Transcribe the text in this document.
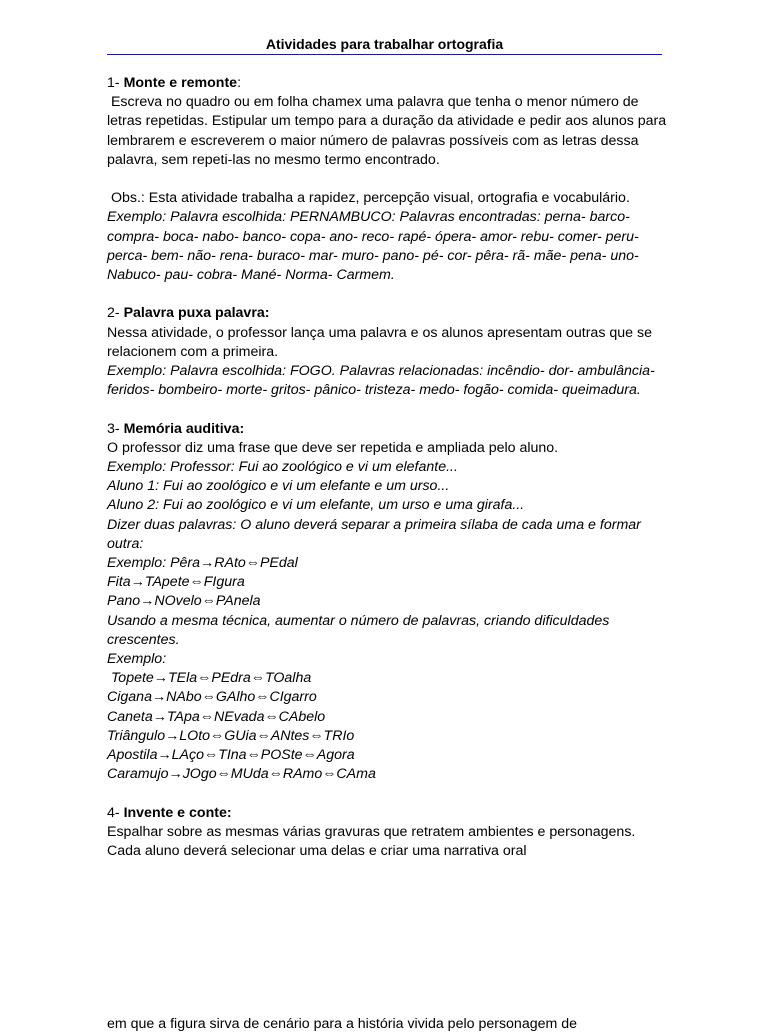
Atividades para trabalhar ortografia

1- Monte e remonte:

Escreva no quadro ou em folha chamex uma palavra que tenha o menor número de letras repetidas. Estipular um tempo para a duração da atividade e pedir aos alunos para lembrarem e escreverem o maior número de palavras possíveis com as letras dessa palavra, sem repeti-las no mesmo termo encontrado.

Obs.: Esta atividade trabalha a rapidez, percepção visual, ortografia e vocabulário.

Exemplo: Palavra escolhida: PERNAMBUCO: Palavras encontradas: perna- barco- compra- boca- nabo- banco- copa- ano- reco- rapé- ópera- amor- rebu- comer- peru- perca- bem- não- rena- buraco- mar- muro- pano- pé- cor- pêra- rã- mãe- pena- uno- Nabuco- pau- cobra- Mané- Norma- Carmem.

2- Palavra puxa palavra:

Nessa atividade, o professor lança uma palavra e os alunos apresentam outras que se relacionem com a primeira.

Exemplo: Palavra escolhida: FOGO. Palavras relacionadas: incêndio- dor- ambulância- feridos- bombeiro- morte- gritos- pânico- tristeza- medo- fogão- comida- queimadura.

3- Memória auditiva:

O professor diz uma frase que deve ser repetida e ampliada pelo aluno.

Exemplo: Professor: Fui ao zoológico e vi um elefante...

Aluno 1: Fui ao zoológico e vi um elefante e um urso...

Aluno 2: Fui ao zoológico e vi um elefante, um urso e uma girafa...

Dizer duas palavras: O aluno deverá separar a primeira sílaba de cada uma e formar outra:

Exemplo: Pêra→RAto⇔PEdal

Fita→TApete⇔FIgura

Pano→NOvelo⇔PAnela

Usando a mesma técnica, aumentar o número de palavras, criando dificuldades crescentes.

Exemplo:

Topete→TEla⇔PEdra⇔TOalha

Cigana→NAbo⇔GAlho⇔CIgarro

Caneta→TApa⇔NEvada⇔CAbelo

Triângulo→LOto⇔GUia⇔ANtes⇔TRIo

Apostila→LAço⇔TIna⇔POSte⇔Agora

Caramujo→JOgo⇔MUda⇔RAmo⇔CAma

4- Invente e conte:

Espalhar sobre as mesmas várias gravuras que retratem ambientes e personagens. Cada aluno deverá selecionar uma delas e criar uma narrativa oral

em que a figura sirva de cenário para a história vivida pelo personagem de
